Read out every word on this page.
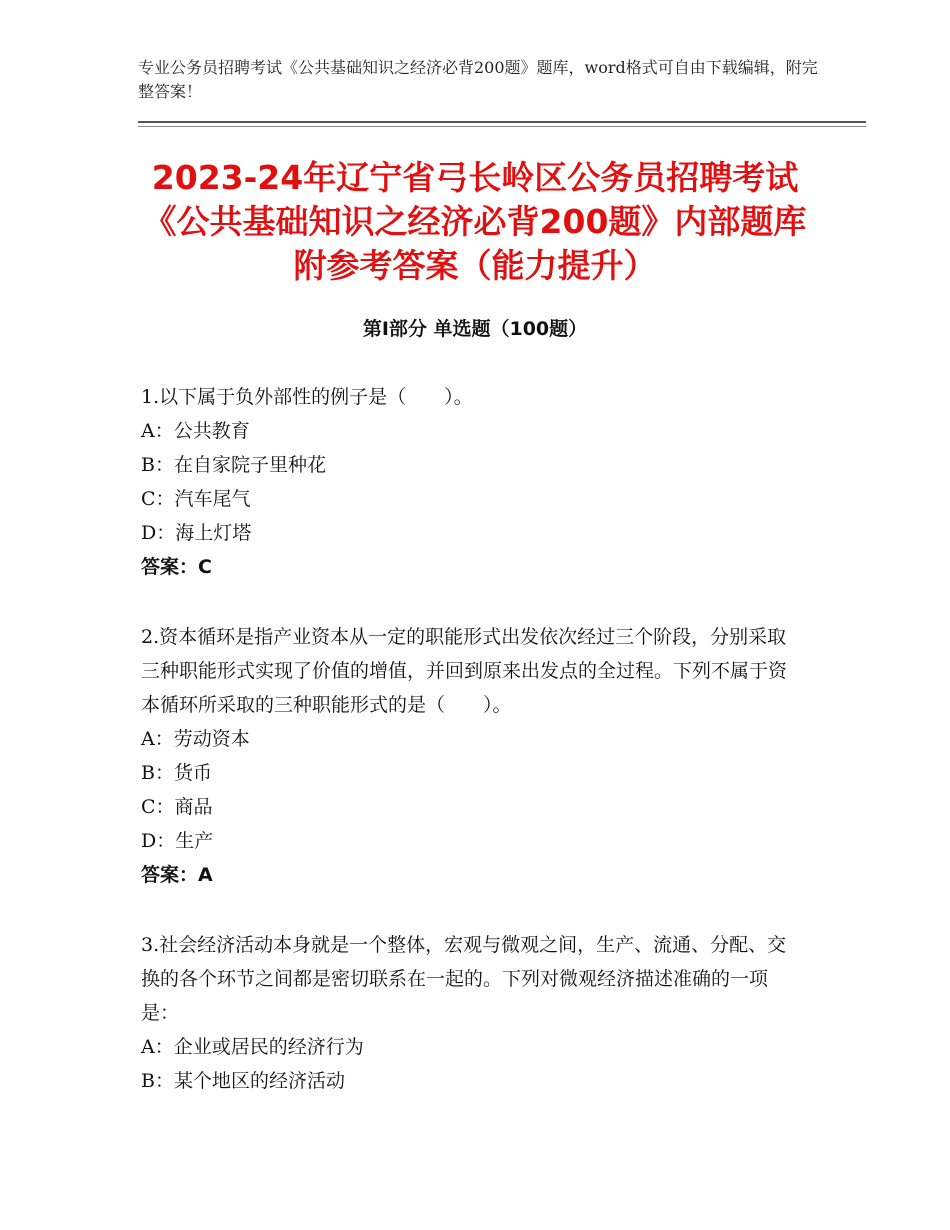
专业公务员招聘考试《公共基础知识之经济必背200题》题库，word格式可自由下载编辑，附完整答案！
2023-24年辽宁省弓长岭区公务员招聘考试《公共基础知识之经济必背200题》内部题库附参考答案（能力提升）
第Ⅰ部分 单选题（100题）
1.以下属于负外部性的例子是（　　）。
A：公共教育
B：在自家院子里种花
C：汽车尾气
D：海上灯塔
答案：C
2.资本循环是指产业资本从一定的职能形式出发依次经过三个阶段，分别采取三种职能形式实现了价值的增值，并回到原来出发点的全过程。下列不属于资本循环所采取的三种职能形式的是（　　）。
A：劳动资本
B：货币
C：商品
D：生产
答案：A
3.社会经济活动本身就是一个整体，宏观与微观之间，生产、流通、分配、交换的各个环节之间都是密切联系在一起的。下列对微观经济描述准确的一项是：
A：企业或居民的经济行为
B：某个地区的经济活动
